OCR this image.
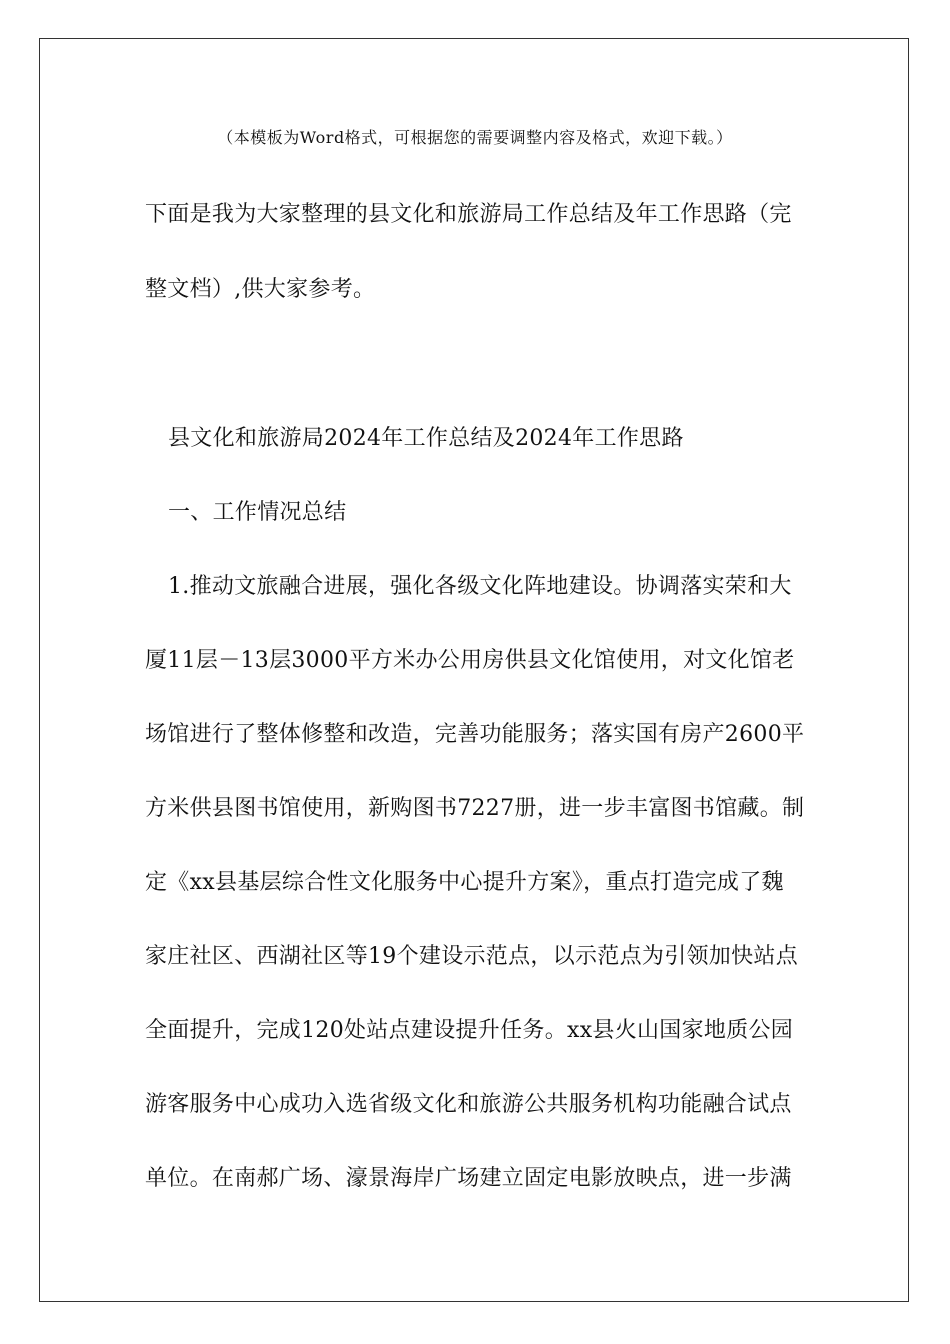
（本模板为Word格式，可根据您的需要调整内容及格式，欢迎下载。）
下面是我为大家整理的县文化和旅游局工作总结及年工作思路（完
整文档）,供大家参考。
县文化和旅游局2024年工作总结及2024年工作思路
一、工作情况总结
1.推动文旅融合进展，强化各级文化阵地建设。协调落实荣和大
厦11层－13层3000平方米办公用房供县文化馆使用，对文化馆老
场馆进行了整体修整和改造，完善功能服务；落实国有房产2600平
方米供县图书馆使用，新购图书7227册，进一步丰富图书馆藏。制
定《xx县基层综合性文化服务中心提升方案》，重点打造完成了魏
家庄社区、西湖社区等19个建设示范点，以示范点为引领加快站点
全面提升，完成120处站点建设提升任务。xx县火山国家地质公园
游客服务中心成功入选省级文化和旅游公共服务机构功能融合试点
单位。在南郝广场、濠景海岸广场建立固定电影放映点，进一步满
